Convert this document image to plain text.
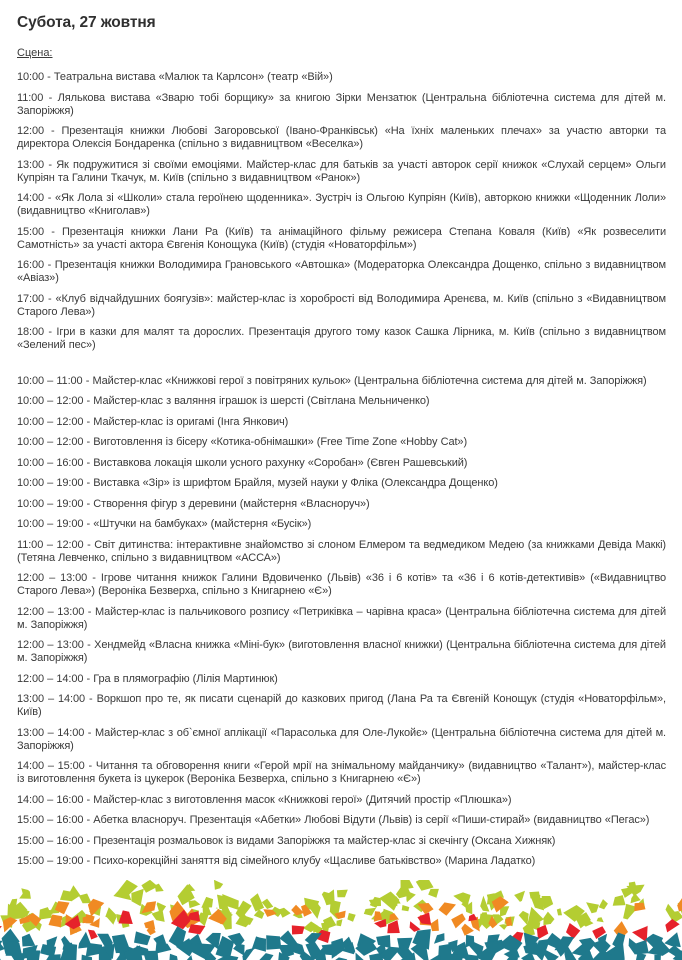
Субота, 27 жовтня
Сцена:

10:00 - Театральна вистава «Малюк та Карлсон» (театр «Вій»)

11:00 - Лялькова вистава «Зварю тобі борщику» за книгою Зірки Мензатюк (Центральна бібліотечна система для дітей м. Запоріжжя)

12:00 - Презентація книжки Любові Загоровської (Івано-Франківськ) «На їхніх маленьких плечах» за участю авторки та директора Олексія Бондаренка (спільно з видавництвом «Веселка»)

13:00 - Як подружитися зі своїми емоціями. Майстер-клас для батьків за участі авторок серії книжок «Слухай серцем» Ольги Купріян та Галини Ткачук, м. Київ (спільно з видавництвом «Ранок»)

14:00 - «Як Лола зі «Школи» стала героїнею щоденника». Зустріч із Ольгою Купріян (Київ), авторкою книжки «Щоденник Лоли» (видавництво «Книголав»)

15:00 - Презентація книжки Лани Ра (Київ) та анімаційного фільму режисера Степана Коваля (Київ) «Як розвеселити Самотність» за участі актора Євгенія Конощука (Київ) (студія «Новаторфільм»)

16:00 - Презентація книжки Володимира Грановського «Автошка» (Модераторка Олександра Дощенко, спільно з видавництвом «Авіаз»)

17:00 - «Клуб відчайдушних боягузів»: майстер-клас із хоробрості від Володимира Аренєва, м. Київ (спільно з «Видавництвом Старого Лева»)

18:00 - Ігри в казки для малят та дорослих. Презентація другого тому казок Сашка Лірника, м. Київ (спільно з видавництвом «Зелений пес»)

10:00 – 11:00 - Майстер-клас «Книжкові герої з повітряних кульок» (Центральна бібліотечна система для дітей м. Запоріжжя)

10:00 – 12:00 - Майстер-клас з валяння іграшок із шерсті (Світлана Мельниченко)

10:00 – 12:00 - Майстер-клас із оригамі (Інга Янкович)

10:00 – 12:00 - Виготовлення із бісеру «Котика-обнімашки» (Free Time Zone «Hobby Cat»)

10:00 – 16:00 - Виставкова локація школи усного рахунку «Соробан» (Євген Рашевський)

10:00 – 19:00 - Виставка «Зір» із шрифтом Брайля, музей науки у Фліка (Олександра Дощенко)

10:00 – 19:00 - Створення фігур з деревини (майстерня «Власноруч»)

10:00 – 19:00 - «Штучки на бамбуках» (майстерня «Бусік»)

11:00 – 12:00 - Світ дитинства: інтерактивне знайомство зі слоном Елмером та ведмедиком Медею (за книжками Девіда Маккі) (Тетяна Левченко, спільно з видавництвом «АССА»)

12:00 – 13:00 - Ігрове читання книжок Галини Вдовиченко (Львів) «36 і 6 котів» та «36 і 6 котів-детективів» («Видавництво Старого Лева») (Вероніка Безверха, спільно з Книгарнею «Є»)

12:00 – 13:00 - Майстер-клас із пальчикового розпису «Петриківка – чарівна краса» (Центральна бібліотечна система для дітей м. Запоріжжя)

12:00 – 13:00 - Хендмейд «Власна книжка «Міні-бук» (виготовлення власної книжки) (Центральна бібліотечна система для дітей м. Запоріжжя)

12:00 – 14:00 - Гра в плямографію (Лілія Мартинюк)

13:00 – 14:00 - Воркшоп про те, як писати сценарій до казкових пригод (Лана Ра та Євгеній Конощук (студія «Новаторфільм», Київ)

13:00 – 14:00 - Майстер-клас з об`ємної аплікації «Парасолька для Оле-Лукойє» (Центральна бібліотечна система для дітей м. Запоріжжя)

14:00 – 15:00 - Читання та обговорення книги «Герой мрії на знімальному майданчику» (видавництво «Талант»), майстер-клас із виготовлення букета із цукерок (Вероніка Безверха, спільно з Книгарнею «Є»)

14:00 – 16:00 - Майстер-клас з виготовлення масок «Книжкові герої» (Дитячий простір «Плюшка»)

15:00 – 16:00 - Абетка власноруч. Презентація «Абетки» Любові Відути (Львів) із серії «Пиши-стирай» (видавництво «Пегас»)

15:00 – 16:00 - Презентація розмальовок із видами Запоріжжя та майстер-клас зі скечінгу (Оксана Хижняк)

15:00 – 19:00 - Психо-корекційні заняття від сімейного клубу «Щасливе батьківство» (Марина Ладатко)
